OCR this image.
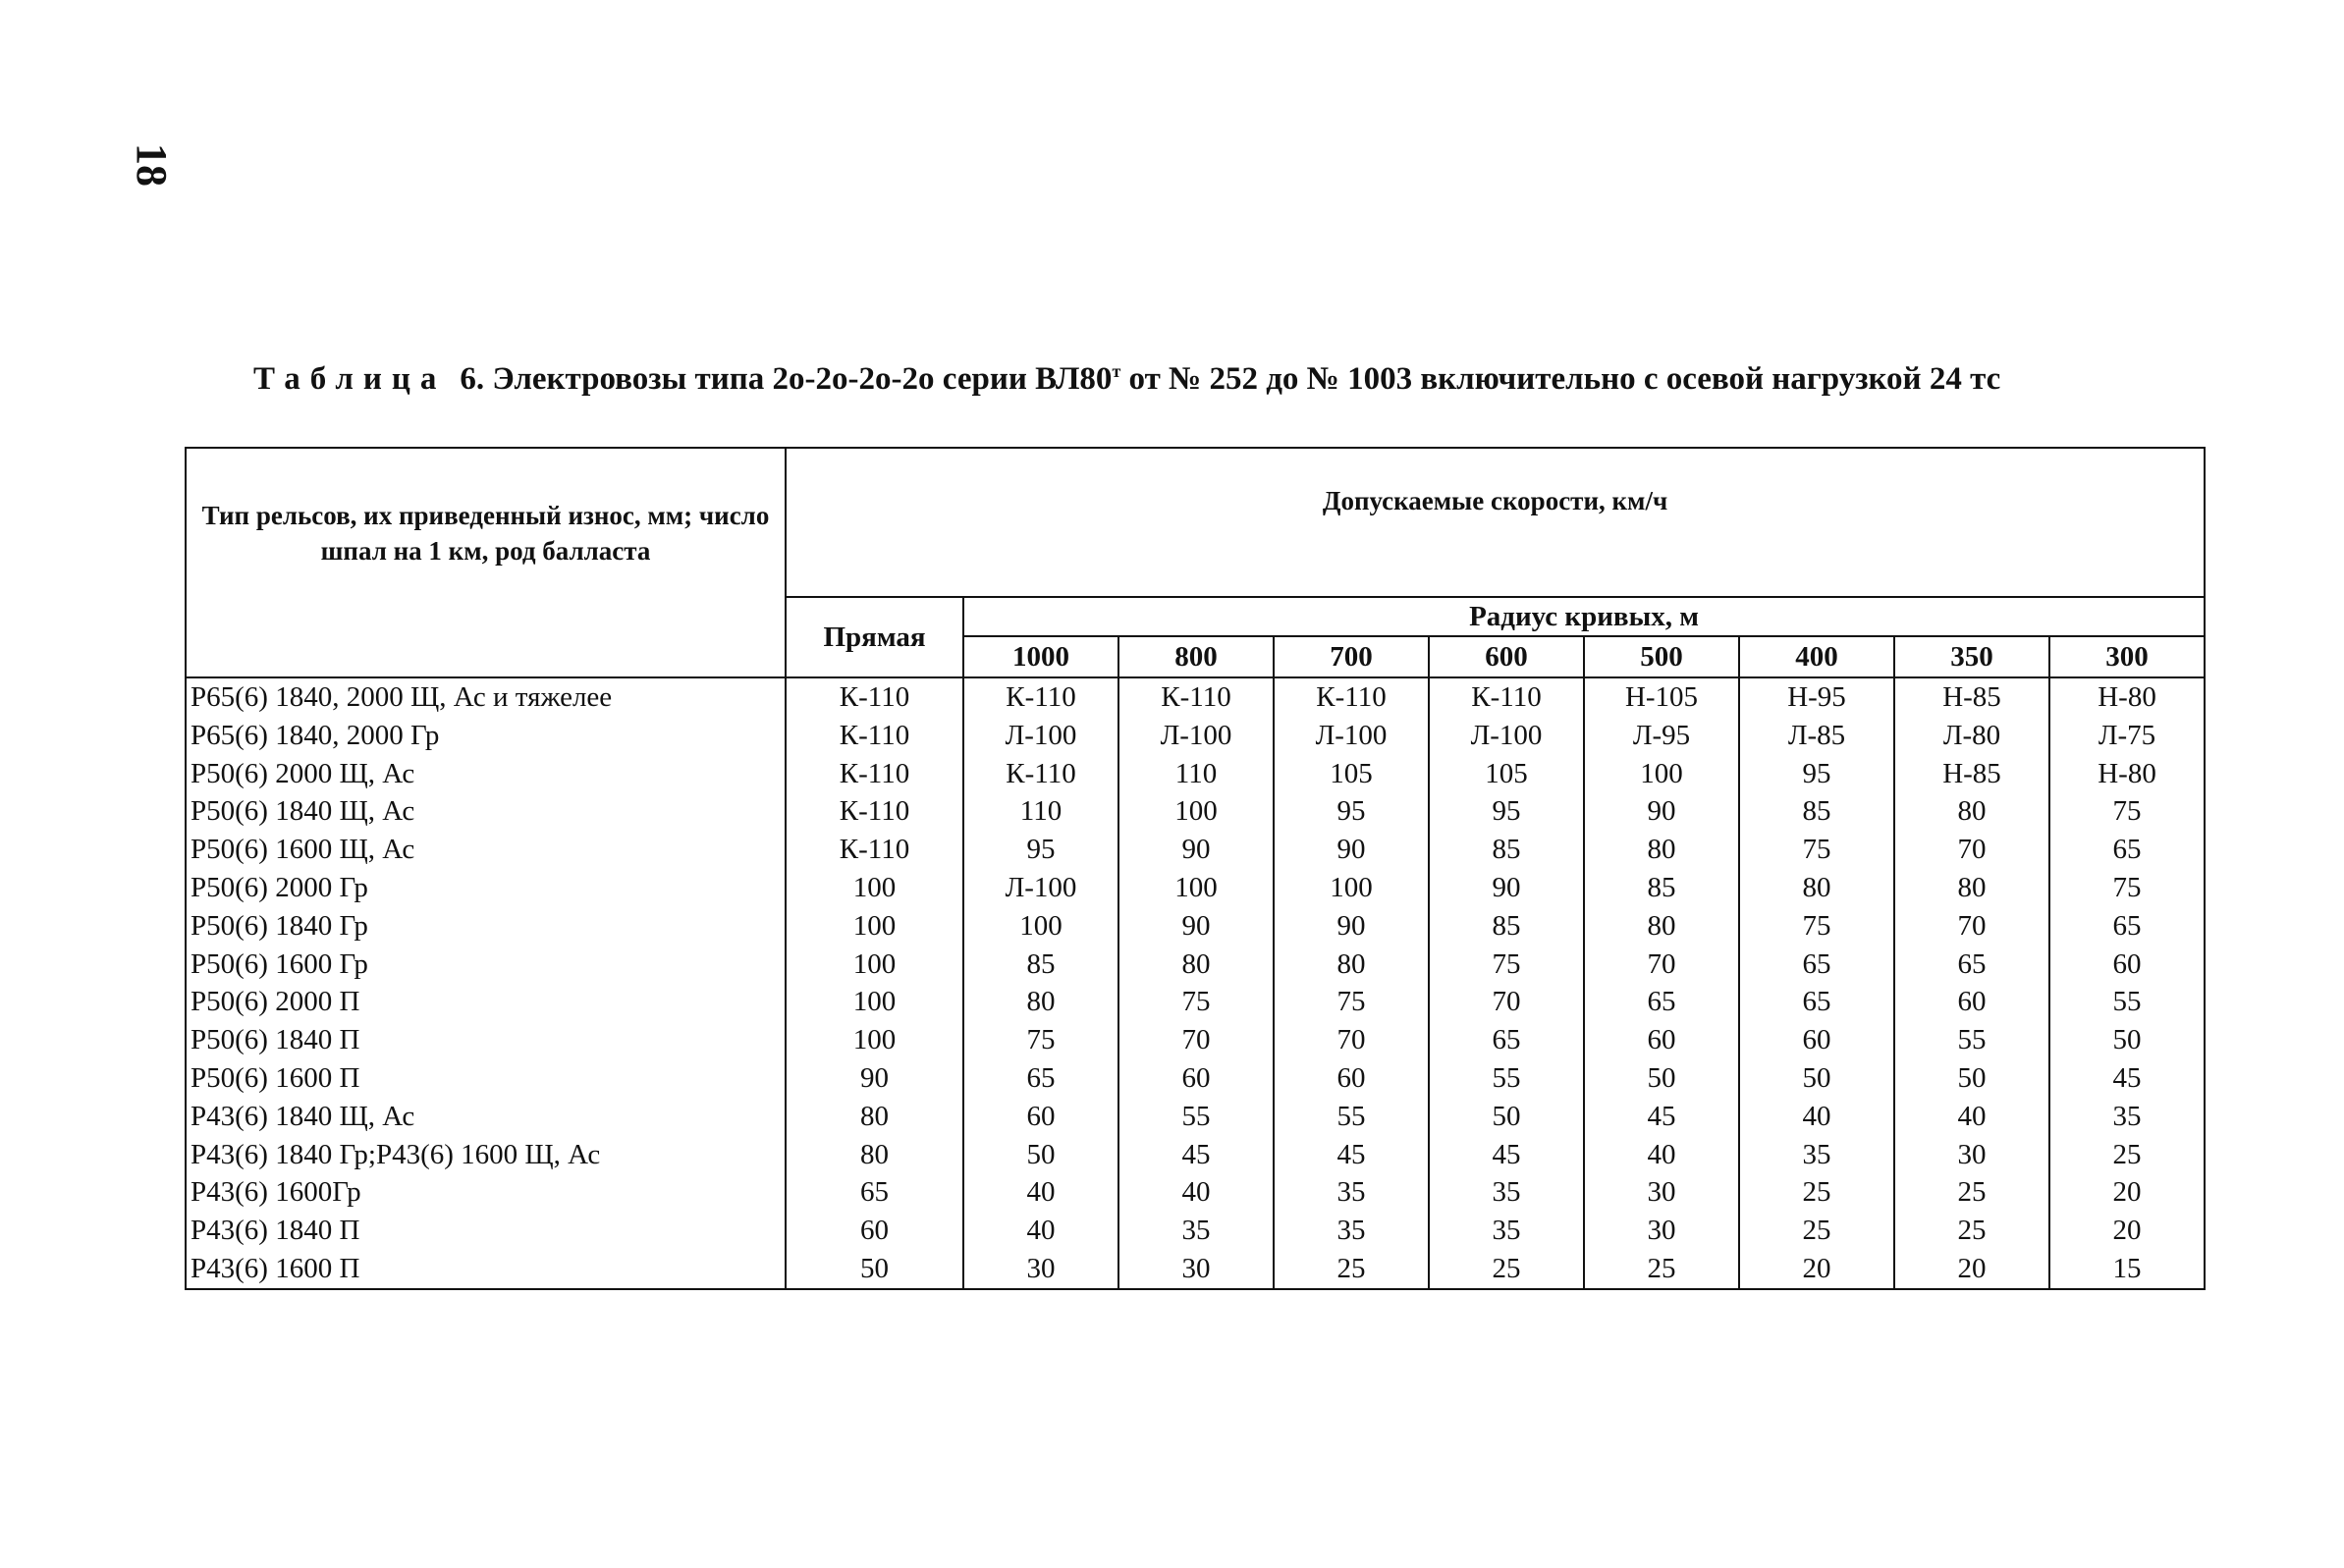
18
Таблица 6. Электровозы типа 2о-2о-2о-2о серии $ВЛ80^т$ от № 252 до № 1003 включительно с осевой нагрузкой 24 тс
Тип рельсов, их приведенный износ, мм; число шпал на 1 км, род балласта	Допускаемые скорости, км/ч								
	Прямая	Радиус кривых, м							
		1000	800	700	600	500	400	350	300
Р65(6) 1840, 2000 Щ, Ас и тяжелее	К-110	К-110	К-110	К-110	К-110	Н-105	Н-95	Н-85	Н-80
Р65(6) 1840, 2000 Гр	К-110	Л-100	Л-100	Л-100	Л-100	Л-95	Л-85	Л-80	Л-75
Р50(6) 2000 Щ, Ас	К-110	К-110	110	105	105	100	95	Н-85	Н-80
Р50(6) 1840 Щ, Ас	К-110	110	100	95	95	90	85	80	75
Р50(6) 1600 Щ, Ас	К-110	95	90	90	85	80	75	70	65
Р50(6) 2000 Гр	100	Л-100	100	100	90	85	80	80	75
Р50(6) 1840 Гр	100	100	90	90	85	80	75	70	65
Р50(6) 1600 Гр	100	85	80	80	75	70	65	65	60
Р50(6) 2000 П	100	80	75	75	70	65	65	60	55
Р50(6) 1840 П	100	75	70	70	65	60	60	55	50
Р50(6) 1600 П	90	65	60	60	55	50	50	50	45
Р43(6) 1840 Щ, Ас	80	60	55	55	50	45	40	40	35
Р43(6) 1840 Гр;Р43(6) 1600 Щ, Ас	80	50	45	45	45	40	35	30	25
Р43(6) 1600Гр	65	40	40	35	35	30	25	25	20
Р43(6) 1840 П	60	40	35	35	35	30	25	25	20
Р43(6) 1600 П	50	30	30	25	25	25	20	20	15
